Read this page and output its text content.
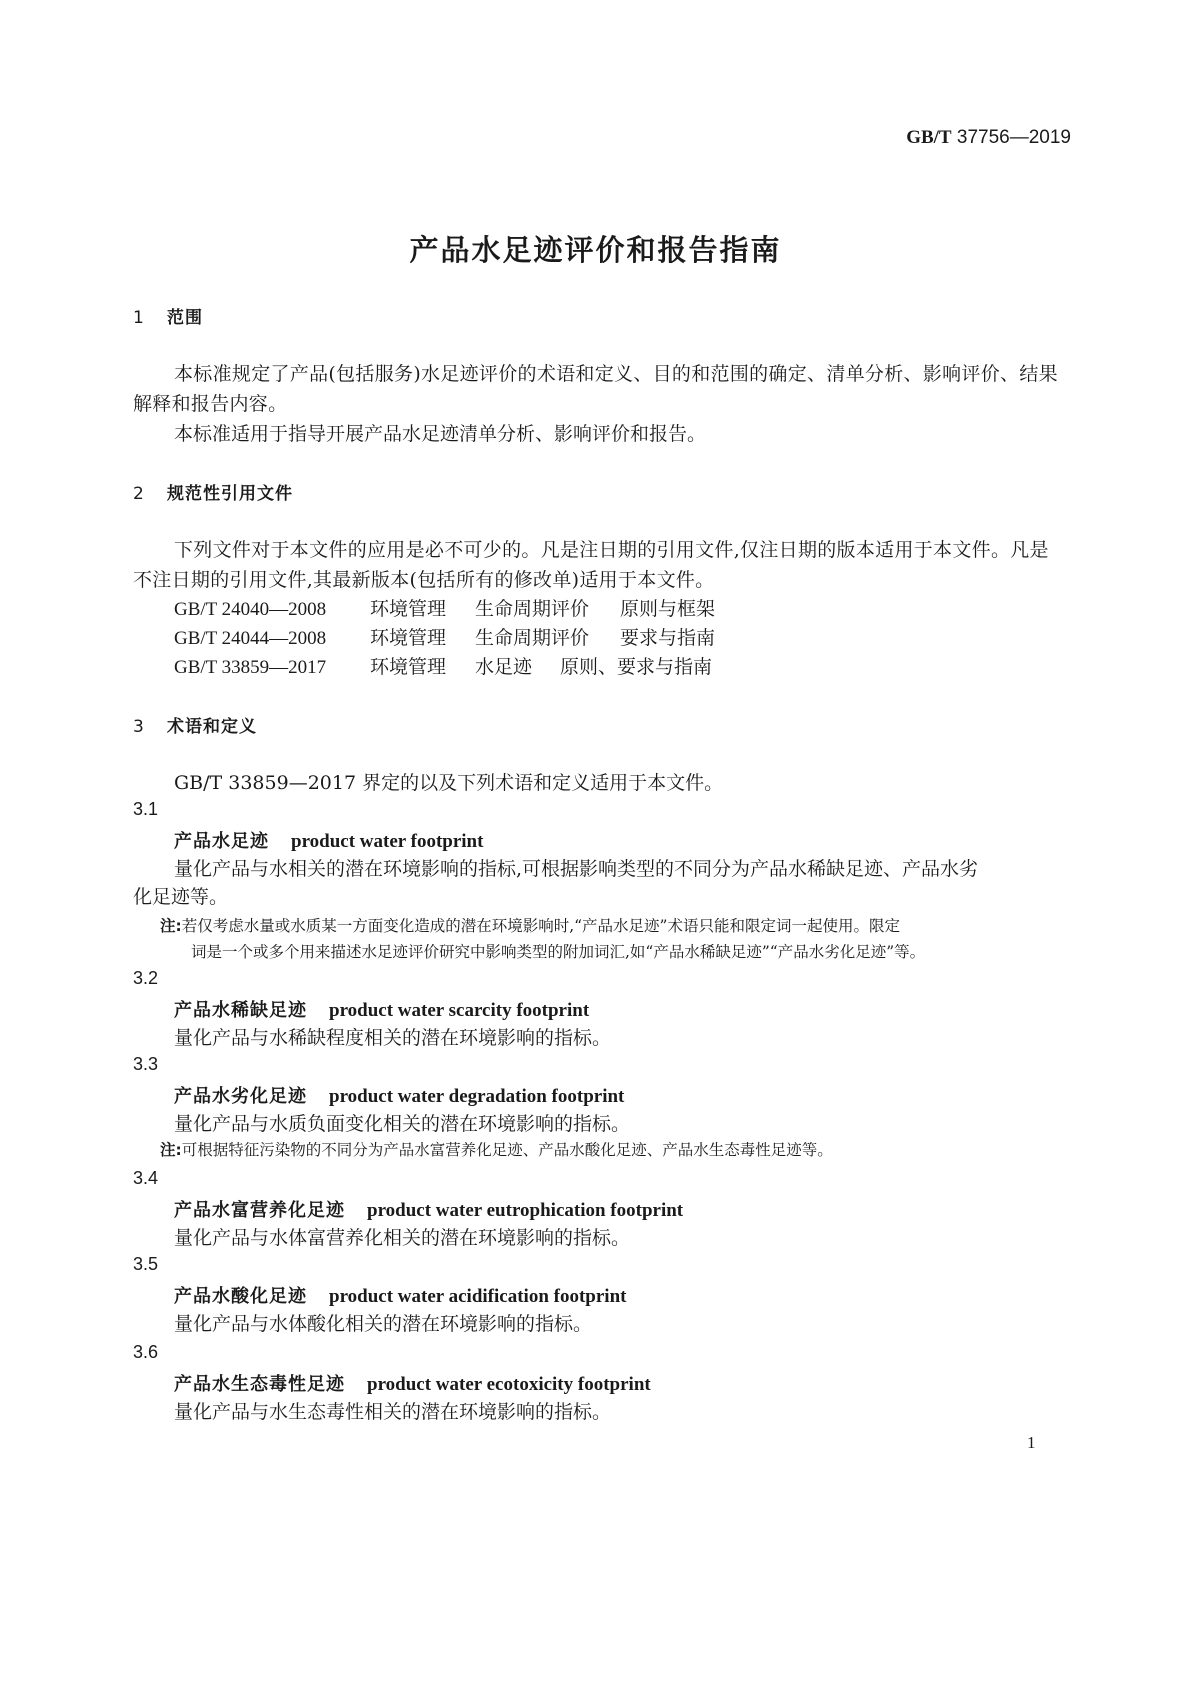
GB/T 37756—2019
产品水足迹评价和报告指南
1 范围
本标准规定了产品(包括服务)水足迹评价的术语和定义、目的和范围的确定、清单分析、影响评价、结果解释和报告内容。
本标准适用于指导开展产品水足迹清单分析、影响评价和报告。
2 规范性引用文件
下列文件对于本文件的应用是必不可少的。凡是注日期的引用文件,仅注日期的版本适用于本文件。凡是不注日期的引用文件,其最新版本(包括所有的修改单)适用于本文件。
GB/T 24040—2008 环境管理 生命周期评价 原则与框架
GB/T 24044—2008 环境管理 生命周期评价 要求与指南
GB/T 33859—2017 环境管理 水足迹 原则、要求与指南
3 术语和定义
GB/T 33859—2017 界定的以及下列术语和定义适用于本文件。
3.1
产品水足迹 product water footprint
量化产品与水相关的潜在环境影响的指标,可根据影响类型的不同分为产品水稀缺足迹、产品水劣
化足迹等。
注:若仅考虑水量或水质某一方面变化造成的潜在环境影响时,“产品水足迹”术语只能和限定词一起使用。限定
词是一个或多个用来描述水足迹评价研究中影响类型的附加词汇,如“产品水稀缺足迹”“产品水劣化足迹”等。
3.2
产品水稀缺足迹 product water scarcity footprint
量化产品与水稀缺程度相关的潜在环境影响的指标。
3.3
产品水劣化足迹 product water degradation footprint
量化产品与水质负面变化相关的潜在环境影响的指标。
注:可根据特征污染物的不同分为产品水富营养化足迹、产品水酸化足迹、产品水生态毒性足迹等。
3.4
产品水富营养化足迹 product water eutrophication footprint
量化产品与水体富营养化相关的潜在环境影响的指标。
3.5
产品水酸化足迹 product water acidification footprint
量化产品与水体酸化相关的潜在环境影响的指标。
3.6
产品水生态毒性足迹 product water ecotoxicity footprint
量化产品与水生态毒性相关的潜在环境影响的指标。
1
